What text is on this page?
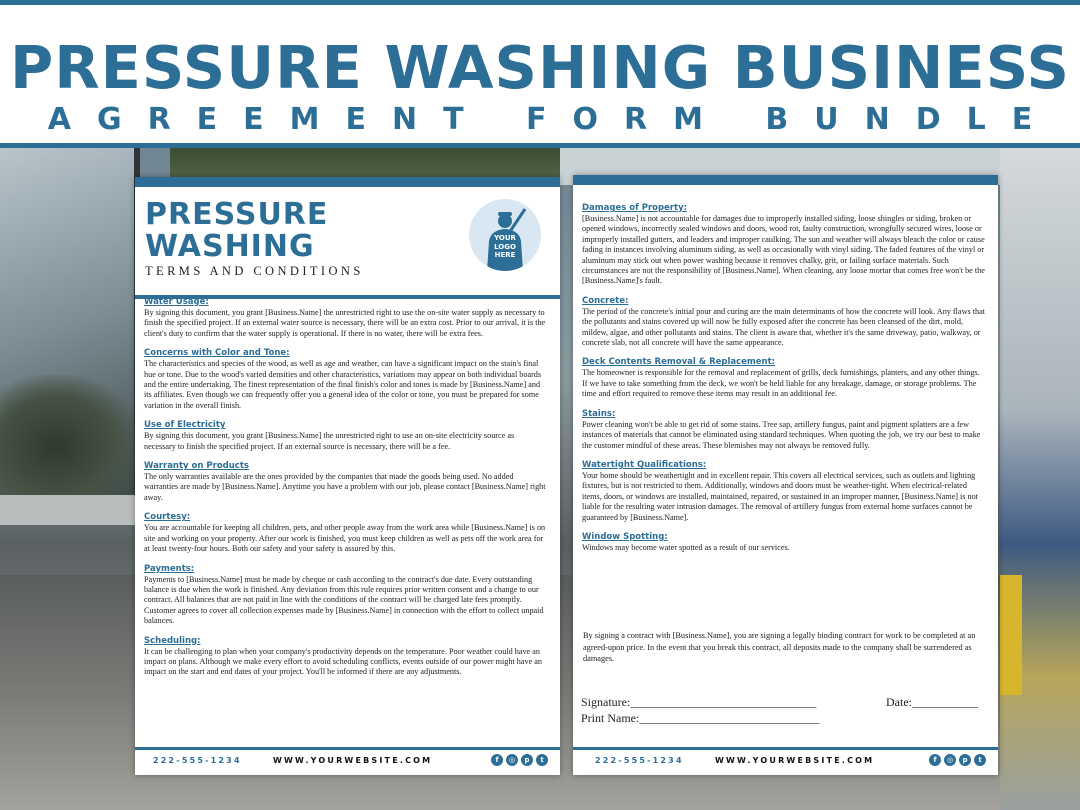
PRESSURE WASHING BUSINESS
AGREEMENT FORM BUNDLE
PRESSURE
WASHING
TERMS AND CONDITIONS
YOUR
LOGO
HERE
Water Usage:
By signing this document, you grant [Business.Name] the unrestricted right to use the on-site water supply as necessary to finish the specified project. If an external water source is necessary, there will be an extra cost. Prior to our arrival, it is the client's duty to confirm that the water supply is operational. If there is no water, there will be extra fees.
Concerns with Color and Tone:
The characteristics and species of the wood, as well as age and weather, can have a significant impact on the stain's final hue or tone. Due to the wood's varied densities and other characteristics, variations may appear on both individual boards and the entire undertaking. The finest representation of the final finish's color and tones is made by [Business.Name] and its affiliates. Even though we can frequently offer you a general idea of the color or tone, you must be prepared for some variation in the overall finish.
Use of Electricity
By signing this document, you grant [Business.Name] the unrestricted right to use an on-site electricity source as necessary to finish the specified project. If an external source is necessary, there will be a fee.
Warranty on Products
The only warranties available are the ones provided by the companies that made the goods being used. No added warranties are made by [Business.Name]. Anytime you have a problem with our job, please contact [Business.Name] right away.
Courtesy:
You are accountable for keeping all children, pets, and other people away from the work area while [Business.Name] is on site and working on your property. After our work is finished, you must keep children as well as pets off the work area for at least twenty-four hours. Both our safety and your safety is assured by this.
Payments:
Payments to [Business.Name] must be made by cheque or cash according to the contract's due date. Every outstanding balance is due when the work is finished. Any deviation from this rule requires prior written consent and a change to our contract. All balances that are not paid in line with the conditions of the contract will be charged late fees promptly. Customer agrees to cover all collection expenses made by [Business.Name] in connection with the effort to collect unpaid balances.
Scheduling:
It can be challenging to plan when your company's productivity depends on the temperature. Poor weather could have an impact on plans. Although we make every effort to avoid scheduling conflicts, events outside of our power might have an impact on the start and end dates of your project. You'll be informed if there are any adjustments.
222-555-1234	WWW.YOURWEBSITE.COM	f	◎	p	t
Damages of Property:
[Business.Name] is not accountable for damages due to improperly installed siding, loose shingles or siding, broken or opened windows, incorrectly sealed windows and doors, wood rot, faulty construction, wrongfully secured wires, loose or improperly installed gutters, and leaders and improper caulking. The sun and weather will always bleach the color or cause fading in instances involving aluminum siding, as well as occasionally with vinyl siding. The faded features of the vinyl or aluminum may stick out when power washing because it removes chalky, grit, or failing surface materials. Such circumstances are not the responsibility of [Business.Name]. When cleaning, any loose mortar that comes free won't be the [Business.Name]'s fault.
Concrete:
The period of the concrete's initial pour and curing are the main determinants of how the concrete will look. Any flaws that the pollutants and stains covered up will now be fully exposed after the concrete has been cleansed of the dirt, mold, mildew, algae, and other pollutants and stains. The client is aware that, whether it's the same driveway, patio, walkway, or concrete slab, not all concrete will have the same appearance.
Deck Contents Removal & Replacement:
The homeowner is responsible for the removal and replacement of grills, deck furnishings, planters, and any other things. If we have to take something from the deck, we won't be held liable for any breakage, damage, or storage problems. The time and effort required to remove these items may result in an additional fee.
Stains:
Power cleaning won't be able to get rid of some stains. Tree sap, artillery fungus, paint and pigment splatters are a few instances of materials that cannot be eliminated using standard techniques. When quoting the job, we try our best to make the customer mindful of these areas. These blemishes may not always be removed fully.
Watertight Qualifications:
Your home should be weathertight and in excellent repair. This covers all electrical services, such as outlets and lighting fixtures, but is not restricted to them. Additionally, windows and doors must be weather-tight. When electrical-related items, doors, or windows are installed, maintained, repaired, or sustained in an improper manner, [Business.Name] is not liable for the resulting water intrusion damages. The removal of artillery fungus from external home surfaces cannot be guaranteed by [Business.Name].
Window Spotting:
Windows may become water spotted as a result of our services.
By signing a contract with [Business.Name], you are signing a legally binding contract for work to be completed at an agreed-upon price. In the event that you break this contract, all deposits made to the company shall be surrendered as damages.
Signature:_______________________________
Print Name:______________________________
Date:___________
222-555-1234	WWW.YOURWEBSITE.COM	f	◎	p	t
